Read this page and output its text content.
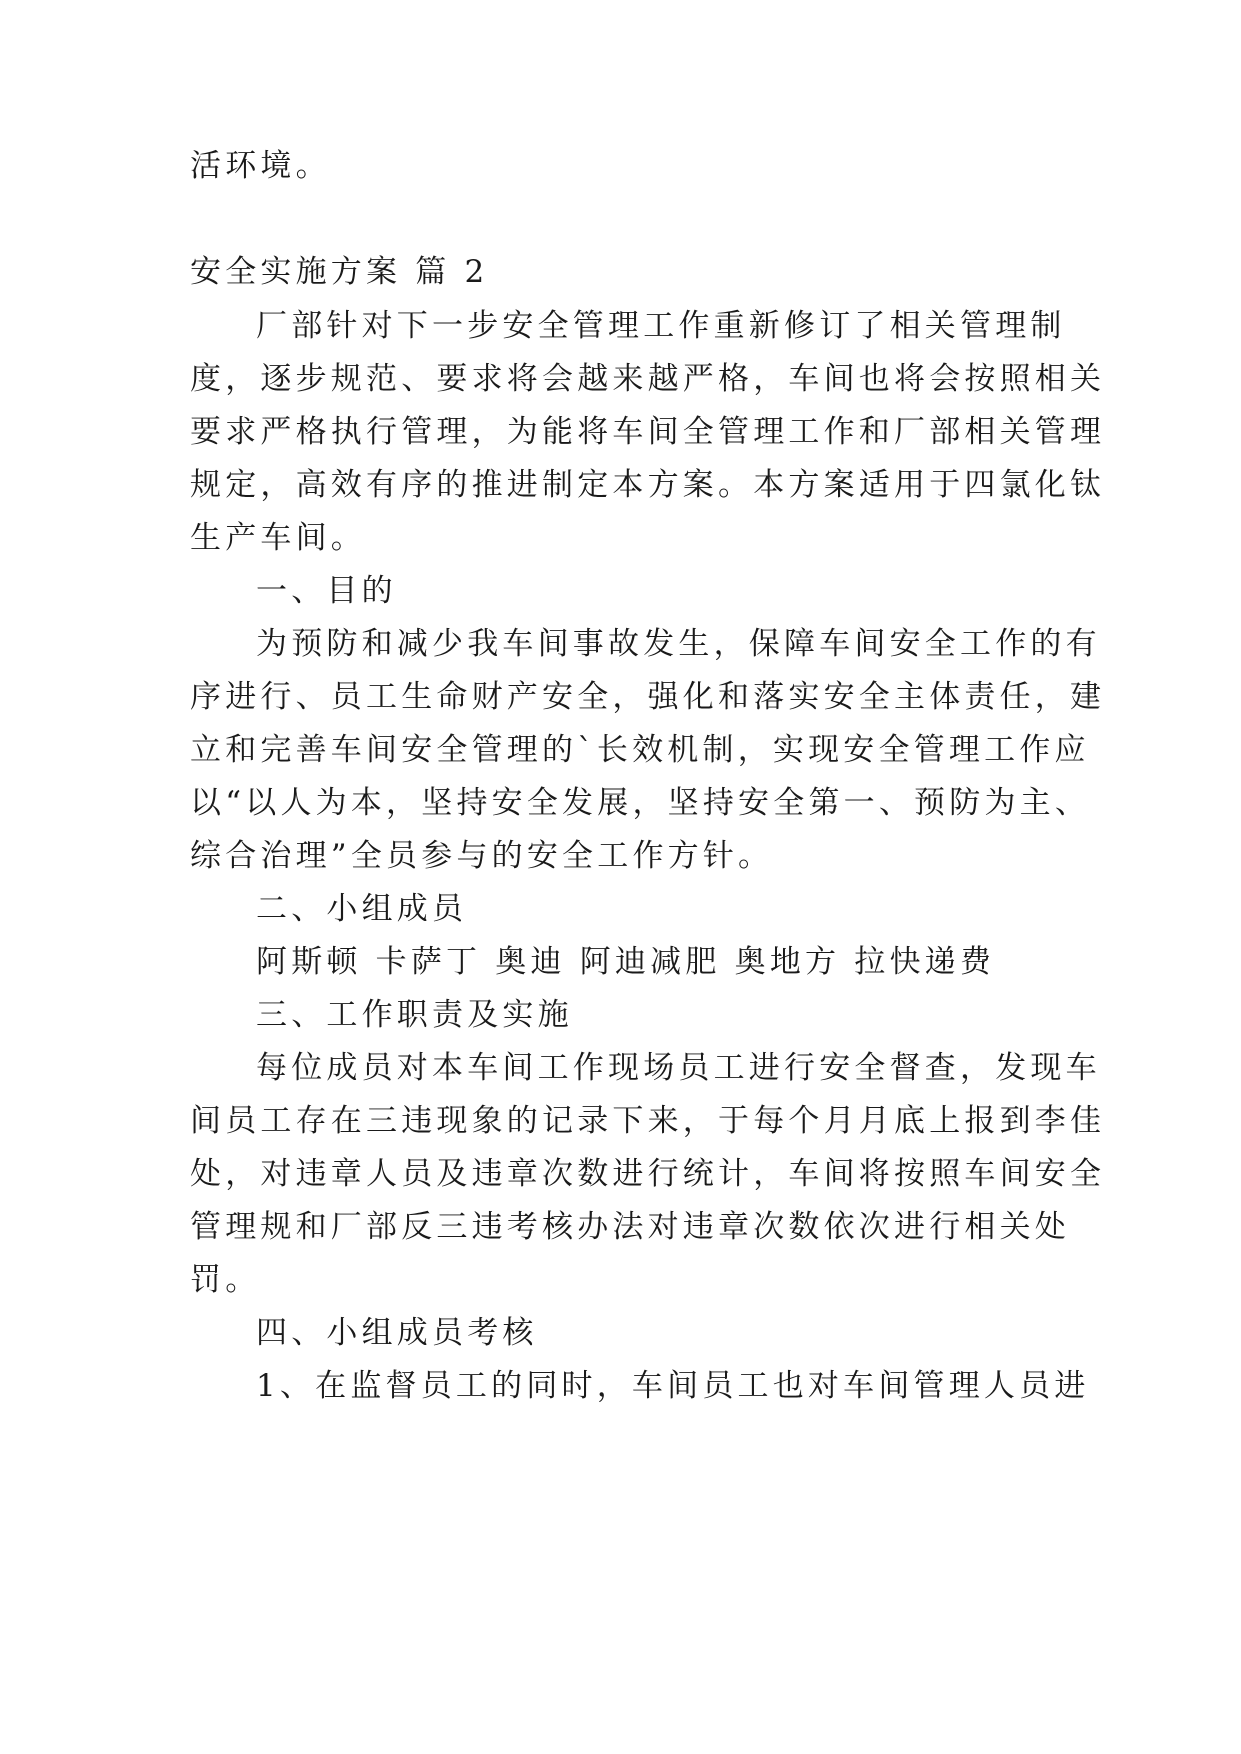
活环境。
安全实施方案 篇 2
厂部针对下一步安全管理工作重新修订了相关管理制
度，逐步规范、要求将会越来越严格，车间也将会按照相关
要求严格执行管理，为能将车间全管理工作和厂部相关管理
规定，高效有序的推进制定本方案。本方案适用于四氯化钛
生产车间。
一、目的
为预防和减少我车间事故发生，保障车间安全工作的有
序进行、员工生命财产安全，强化和落实安全主体责任，建
立和完善车间安全管理的`长效机制，实现安全管理工作应
以“以人为本，坚持安全发展，坚持安全第一、预防为主、
综合治理”全员参与的安全工作方针。
二、小组成员
阿斯顿 卡萨丁 奥迪 阿迪减肥 奥地方 拉快递费
三、工作职责及实施
每位成员对本车间工作现场员工进行安全督查，发现车
间员工存在三违现象的记录下来，于每个月月底上报到李佳
处，对违章人员及违章次数进行统计，车间将按照车间安全
管理规和厂部反三违考核办法对违章次数依次进行相关处
罚。
四、小组成员考核
1、在监督员工的同时，车间员工也对车间管理人员进
